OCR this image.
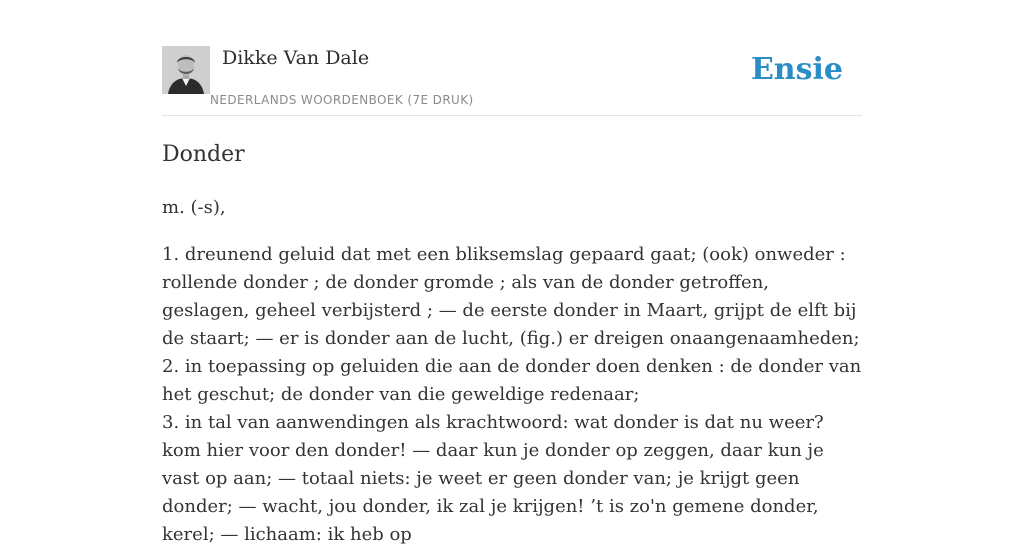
Dikke Van Dale
NEDERLANDS WOORDENBOEK (7E DRUK)
Ensie
Donder
m. (-s),

1. dreunend geluid dat met een bliksemslag gepaard gaat; (ook) onweder : rollende donder ; de donder gromde ; als van de donder getroffen, geslagen, geheel verbijsterd ; — de eerste donder in Maart, grijpt de elft bij de staart; — er is donder aan de lucht, (fig.) er dreigen onaangenaamheden;

2. in toepassing op geluiden die aan de donder doen denken : de donder van het geschut; de donder van die geweldige redenaar;

3. in tal van aanwendingen als krachtwoord: wat donder is dat nu weer? kom hier voor den donder! — daar kun je donder op zeggen, daar kun je vast op aan; — totaal niets: je weet er geen donder van; je krijgt geen donder; — wacht, jou donder, ik zal je krijgen! ’t is zo'n gemene donder, kerel; — lichaam: ik heb op
